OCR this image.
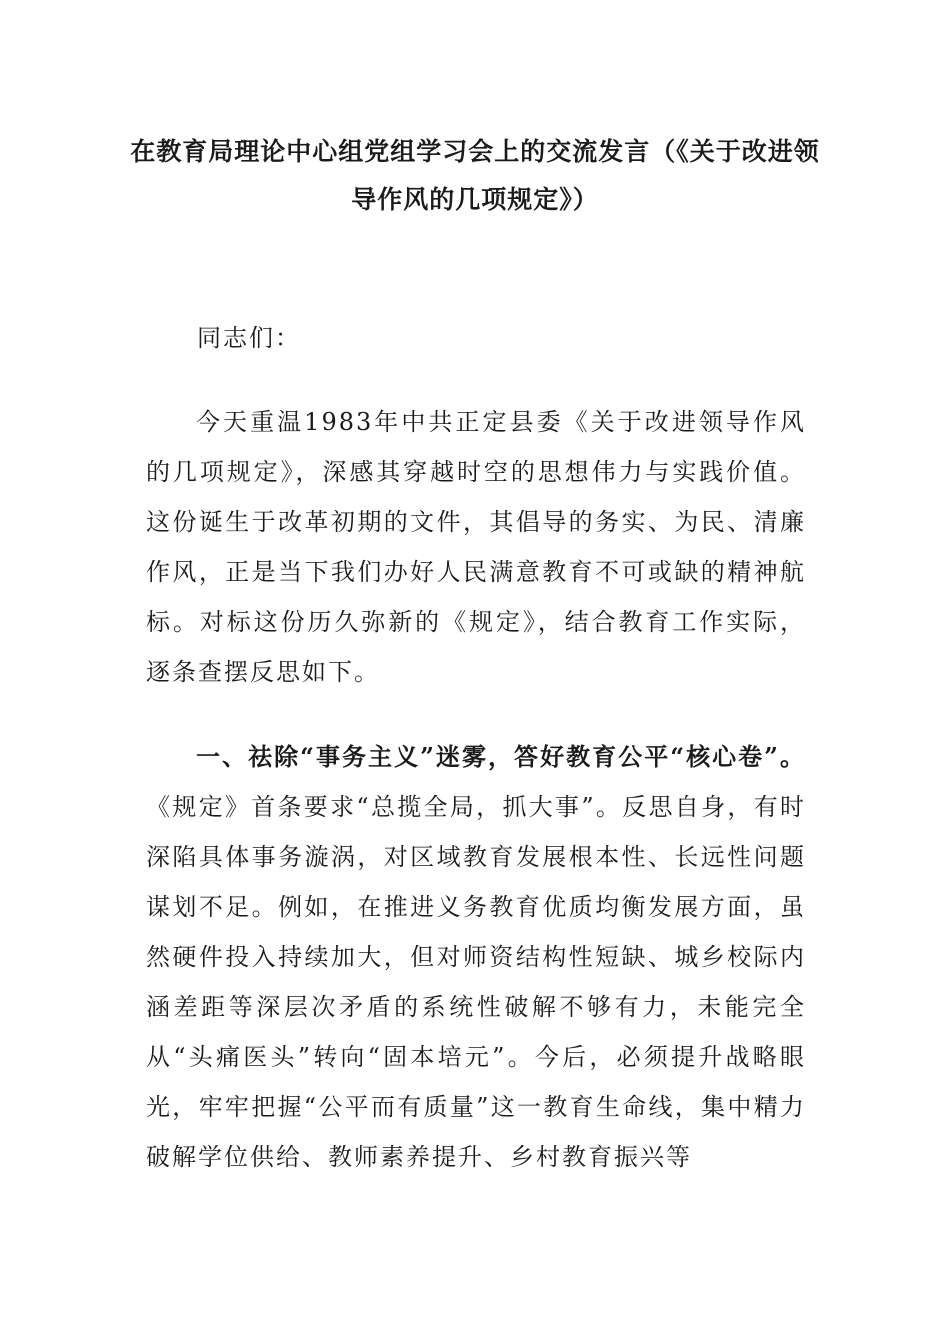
在教育局理论中心组党组学习会上的交流发言（《关于改进领导作风的几项规定》）

同志们：

今天重温1983年中共正定县委《关于改进领导作风的几项规定》，深感其穿越时空的思想伟力与实践价值。这份诞生于改革初期的文件，其倡导的务实、为民、清廉作风，正是当下我们办好人民满意教育不可或缺的精神航标。对标这份历久弥新的《规定》，结合教育工作实际，逐条查摆反思如下。

一、祛除“事务主义”迷雾，答好教育公平“核心卷”。《规定》首条要求“总揽全局，抓大事”。反思自身，有时深陷具体事务漩涡，对区域教育发展根本性、长远性问题谋划不足。例如，在推进义务教育优质均衡发展方面，虽然硬件投入持续加大，但对师资结构性短缺、城乡校际内涵差距等深层次矛盾的系统性破解不够有力，未能完全从“头痛医头”转向“固本培元”。今后，必须提升战略眼光，牢牢把握“公平而有质量”这一教育生命线，集中精力破解学位供给、教师素养提升、乡村教育振兴等
